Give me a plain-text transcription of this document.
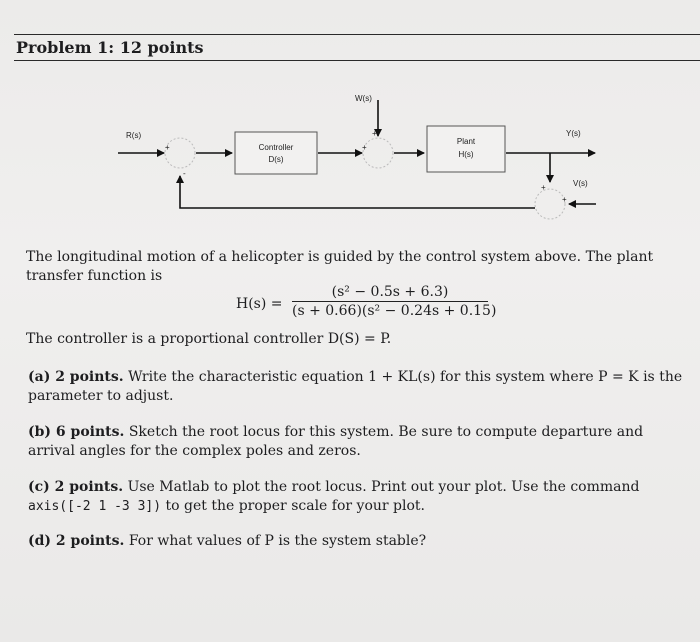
Problem 1: 12 points
R(s)
W(s)
Y(s)
V(s)
Controller
D(s)
Plant
H(s)
+
-
+
+
+
+
The longitudinal motion of a helicopter is guided by the control system above. The plant transfer function is
$H(s) = \frac{\text{(s² − 0.5s + 6.3)}}{\text{(s + 0.66)(s² − 0.24s + 0.15)}}$
The controller is a proportional controller D(S) = P.
(a) 2 points. Write the characteristic equation 1 + KL(s) for this system where P = K is the parameter to adjust.
(b) 6 points. Sketch the root locus for this system. Be sure to compute departure and arrival angles for the complex poles and zeros.
(c) 2 points. Use Matlab to plot the root locus. Print out your plot. Use the command axis([-2 1 -3 3]) to get the proper scale for your plot.
(d) 2 points. For what values of P is the system stable?
